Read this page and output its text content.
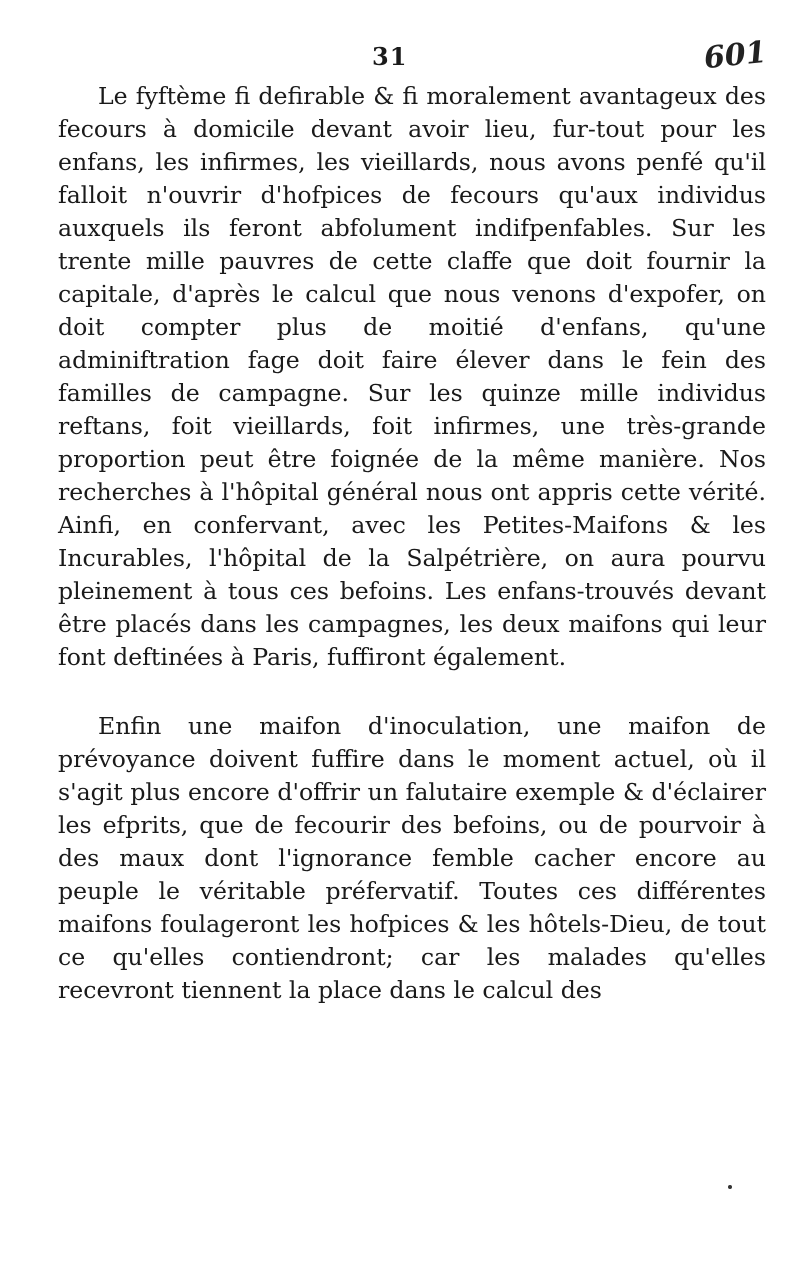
31	601

Le fyftème fi defirable & fi moralement avantageux des fecours à domicile devant avoir lieu, fur-tout pour les enfans, les infirmes, les vieillards, nous avons penfé qu'il falloit n'ouvrir d'hofpices de fecours qu'aux individus auxquels ils feront abfolument indifpenfables. Sur les trente mille pauvres de cette claffe que doit fournir la capitale, d'après le calcul que nous venons d'expofer, on doit compter plus de moitié d'enfans, qu'une adminiftration fage doit faire élever dans le fein des familles de campagne. Sur les quinze mille individus reftans, foit vieillards, foit infirmes, une très-grande proportion peut être foignée de la même manière. Nos recherches à l'hôpital général nous ont appris cette vérité. Ainfi, en confervant, avec les Petites-Maifons & les Incurables, l'hôpital de la Salpétrière, on aura pourvu pleinement à tous ces befoins. Les enfans-trouvés devant être placés dans les campagnes, les deux maifons qui leur font deftinées à Paris, fuffiront également.

Enfin une maifon d'inoculation, une maifon de prévoyance doivent fuffire dans le moment actuel, où il s'agit plus encore d'offrir un falutaire exemple & d'éclairer les efprits, que de fecourir des befoins, ou de pourvoir à des maux dont l'ignorance femble cacher encore au peuple le véritable préfervatif. Toutes ces différentes maifons foulageront les hofpices & les hôtels-Dieu, de tout ce qu'elles contiendront; car les malades qu'elles recevront tiennent la place dans le calcul des
